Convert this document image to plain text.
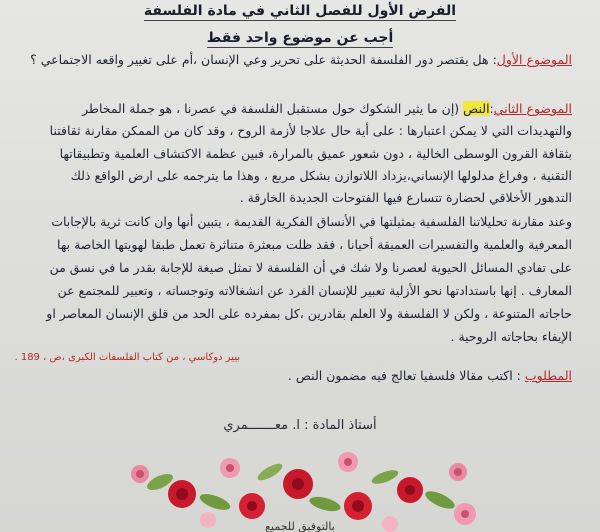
الفرض الأول للفصل الثاني في مادة الفلسفة
أجب عن موضوع واحد فقط
الموضوع الأول: هل يقتصر دور الفلسفة الحديثة على تحرير وعي الإنسان ،أم على تغيير واقعه الاجتماعي ؟
الموضوع الثاني:النص (إن ما يثير الشكوك حول مستقبل الفلسفة في عصرنا ، هو جملة المخاطر
والتهديدات التي لا يمكن اعتبارها : على أية حال علاجا لأزمة الروح ، وقد كان من الممكن مقارنة ثقافتنا
بثقافة القرون الوسطى الخالية ، دون شعور عميق بالمرارة، فبين عظمة الاكتشاف العلمية وتطبيقاتها
التقنية ، وفراغ مدلولها الإنساني،يزداد اللاتوازن بشكل مربع ، وهذا ما يترجمه على ارض الواقع ذلك
التدهور الأخلاقي لحضارة تتسارع فيها الفتوحات الجديدة الخارقة .
وعند مقارنة تحليلاتنا الفلسفية بمثيلتها في الأنساق الفكرية القديمة ، يتبين أنها وان كانت ثرية بالإجابات
المعرفية والعلمية والتفسيرات العميقة أحيانا ، فقد ظلت مبعثرة متناثرة تعمل طبقا لهويتها الخاصة بها
على تفادي المسائل الحيوية لعصرنا ولا شك في أن الفلسفة لا تمثل صيغة للإجابة بقدر ما في نسق من
المعارف . إنها باستدادتها نحو الأزلية تعبير للإنسان الفرد عن انشغالاته وتوجساته ، وتعبير للمجتمع عن
حاجاته المتنوعة ، ولكن لا الفلسفة ولا العلم بقادرين ،كل بمفرده على الحد من قلق الإنسان المعاصر او
الإيفاء بحاجاته الروحية .
بيير دوكاسي ، من كتاب الفلسفات الكبرى ،ص ، 189 .
المطلوب : اكتب مقالا فلسفيا تعالج فيه مضمون النص .
أستاذ المادة : ا. معـــــــمري
بالتوفيق للجميع
